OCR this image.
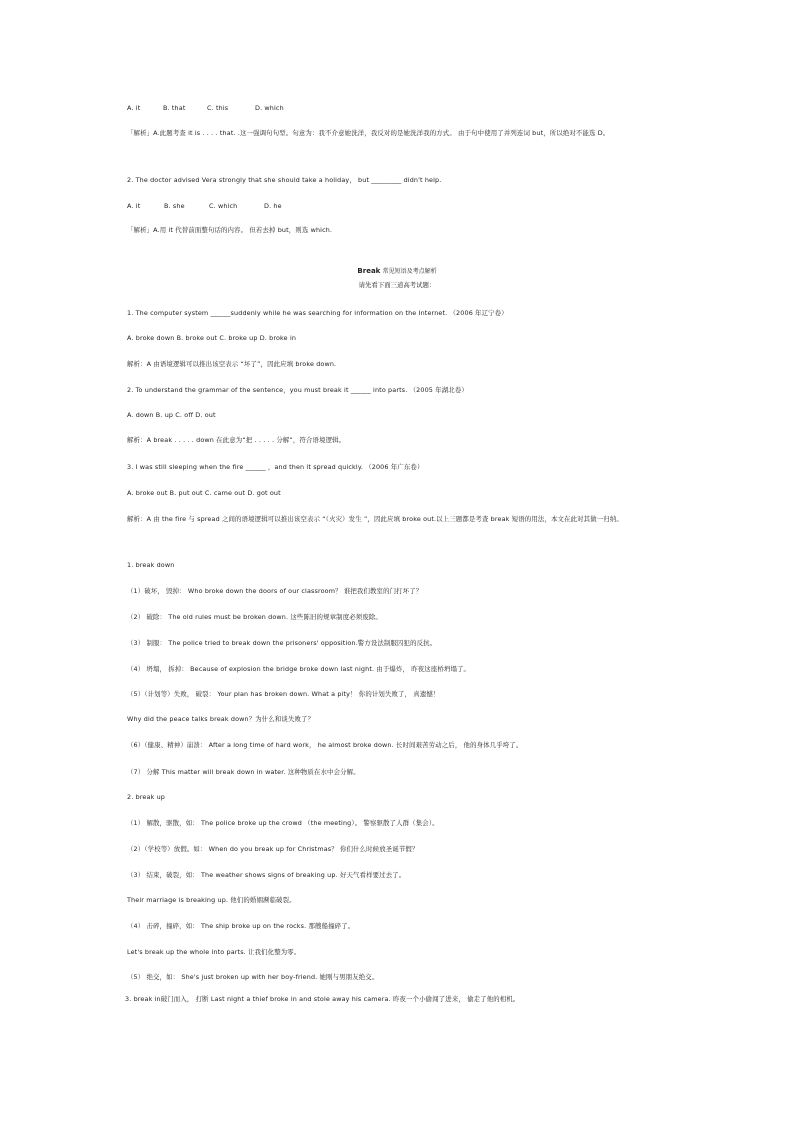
A. it	B. that	C. this	D. which
「解析」A.此题考查 it is . . . . that. .这一强调句句型。句意为：我不介意她洗洋，我反对的是她洗洋我的方式。 由于句中使用了并列连词 but，所以绝对不能选 D。
2. The doctor advised Vera strongly that she should take a holiday， but _________ didn't help.
A. it	B. she	C. which	D. he
「解析」A.用 it 代替前面整句话的内容。 但若去掉 but，则选 which.
Break 常见短语及考点解析
请先看下面三道高考试题：
1. The computer system ______suddenly while he was searching for information on the Internet. （2006 年辽宁卷）
A. broke down B. broke out C. broke up D. broke in
解析：A 由语境逻辑可以推出该空表示 “坏了”，因此应填 broke down.
2. To understand the grammar of the sentence，you must break it ______ into parts. （2005 年湖北卷）
A. down B. up C. off D. out
解析：A break . . . . . down 在此意为“把 . . . . . 分解”，符合语境逻辑。
3. I was still sleeping when the fire ______ ，and then it spread quickly. （2006 年广东卷）
A. broke out B. put out C. came out D. got out
解析：A 由 the fire 与 spread 之间的语境逻辑可以推出该空表示 “（火灾）发生 ”，因此应填 broke out.以上三题都是考查 break 短语的用法，本文在此对其做一归纳。
1. break down
（1）破坏， 毁掉： Who broke down the doors of our classroom？ 谁把我们教室的门打坏了？
（2） 破除： The old rules must be broken down. 这些陈旧的规章制度必须废除。
（3） 制服： The police tried to break down the prisoners' opposition.警方设法制服囚犯的反抗。
（4） 坍塌， 拆掉： Because of explosion the bridge broke down last night. 由于爆炸， 昨夜这座桥坍塌了。
（5）（计划等）失败， 破裂： Your plan has broken down. What a pity！ 你的计划失败了， 真遗憾！
Why did the peace talks break down？为什么和谈失败了？
（6）（健康、精神）崩溃： After a long time of hard work， he almost broke down. 长时间艰苦劳动之后， 他的身体几乎垮了。
（7） 分解 This matter will break down in water. 这种物质在水中会分解。
2. break up
（1） 解散，驱散，如： The police broke up the crowd （the meeting）。 警察驱散了人群（集会）。
（2）（学校等）放假。如： When do you break up for Christmas？ 你们什么时候放圣诞节假？
（3） 结束，破裂，如： The weather shows signs of breaking up. 好天气看样要过去了。
Their marriage is breaking up. 他们的婚姻濒临破裂。
（4） 击碎，撞碎，如： The ship broke up on the rocks. 那艘船撞碎了。
Let's break up the whole into parts. 让我们化整为零。
（5） 绝交，如： She's just broken up with her boy-friend. 她刚与男朋友绝交。
3. break in破门而入， 打断 Last night a thief broke in and stole away his camera. 昨夜一个小偷闯了进来， 偷走了他的相机。
